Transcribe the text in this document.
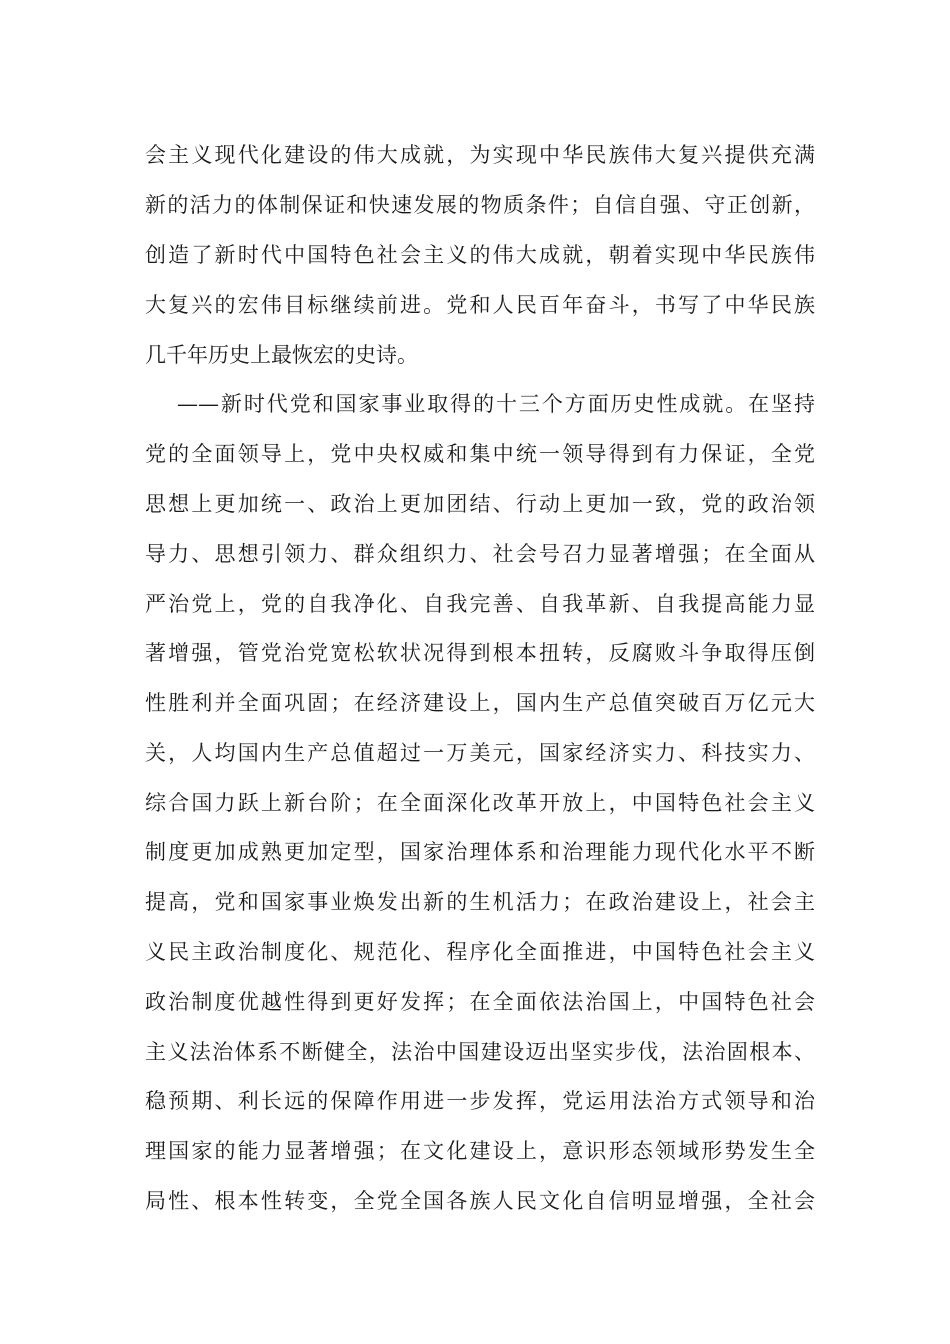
会主义现代化建设的伟大成就，为实现中华民族伟大复兴提供充满
新的活力的体制保证和快速发展的物质条件；自信自强、守正创新，
创造了新时代中国特色社会主义的伟大成就，朝着实现中华民族伟
大复兴的宏伟目标继续前进。党和人民百年奋斗，书写了中华民族
几千年历史上最恢宏的史诗。
——新时代党和国家事业取得的十三个方面历史性成就。在坚持
党的全面领导上，党中央权威和集中统一领导得到有力保证，全党
思想上更加统一、政治上更加团结、行动上更加一致，党的政治领
导力、思想引领力、群众组织力、社会号召力显著增强；在全面从
严治党上，党的自我净化、自我完善、自我革新、自我提高能力显
著增强，管党治党宽松软状况得到根本扭转，反腐败斗争取得压倒
性胜利并全面巩固；在经济建设上，国内生产总值突破百万亿元大
关，人均国内生产总值超过一万美元，国家经济实力、科技实力、
综合国力跃上新台阶；在全面深化改革开放上，中国特色社会主义
制度更加成熟更加定型，国家治理体系和治理能力现代化水平不断
提高，党和国家事业焕发出新的生机活力；在政治建设上，社会主
义民主政治制度化、规范化、程序化全面推进，中国特色社会主义
政治制度优越性得到更好发挥；在全面依法治国上，中国特色社会
主义法治体系不断健全，法治中国建设迈出坚实步伐，法治固根本、
稳预期、利长远的保障作用进一步发挥，党运用法治方式领导和治
理国家的能力显著增强；在文化建设上，意识形态领域形势发生全
局性、根本性转变，全党全国各族人民文化自信明显增强，全社会
